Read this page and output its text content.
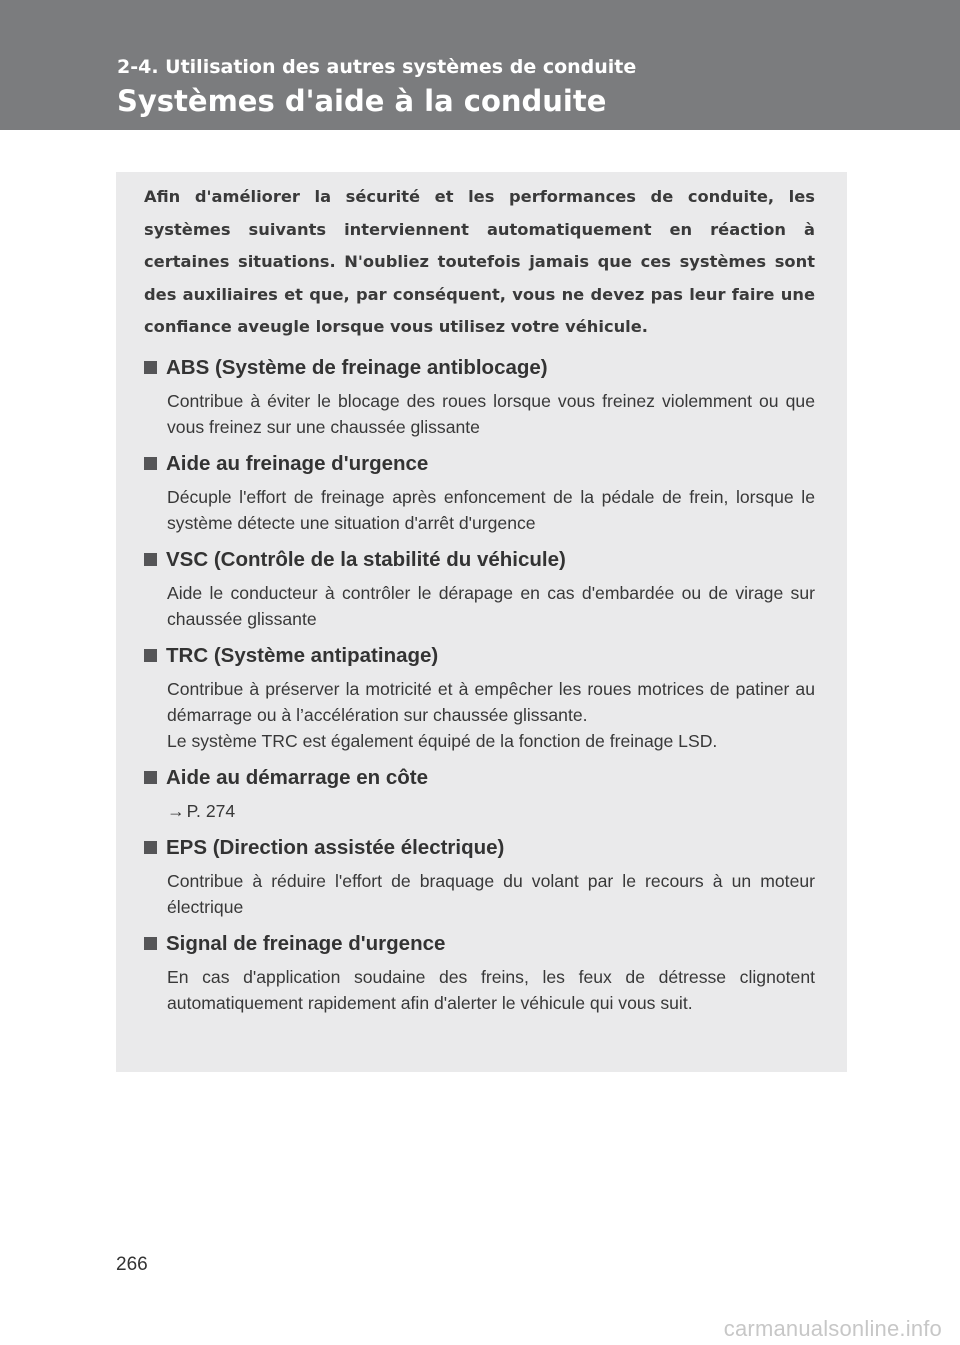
2-4. Utilisation des autres systèmes de conduite
Systèmes d'aide à la conduite

Afin d'améliorer la sécurité et les performances de conduite, les systèmes suivants interviennent automatiquement en réaction à certaines situations. N'oubliez toutefois jamais que ces systèmes sont des auxiliaires et que, par conséquent, vous ne devez pas leur faire une confiance aveugle lorsque vous utilisez votre véhicule.

ABS (Système de freinage antiblocage)

Contribue à éviter le blocage des roues lorsque vous freinez violemment ou que vous freinez sur une chaussée glissante

Aide au freinage d'urgence

Décuple l'effort de freinage après enfoncement de la pédale de frein, lorsque le système détecte une situation d'arrêt d'urgence

VSC (Contrôle de la stabilité du véhicule)

Aide le conducteur à contrôler le dérapage en cas d'embardée ou de virage sur chaussée glissante

TRC (Système antipatinage)

Contribue à préserver la motricité et à empêcher les roues motrices de patiner au démarrage ou à l’accélération sur chaussée glissante.

Le système TRC est également équipé de la fonction de freinage LSD.

Aide au démarrage en côte

→ P. 274

EPS (Direction assistée électrique)

Contribue à réduire l'effort de braquage du volant par le recours à un moteur électrique

Signal de freinage d'urgence

En cas d'application soudaine des freins, les feux de détresse clignotent automatiquement rapidement afin d'alerter le véhicule qui vous suit.

266
carmanualsonline.info
